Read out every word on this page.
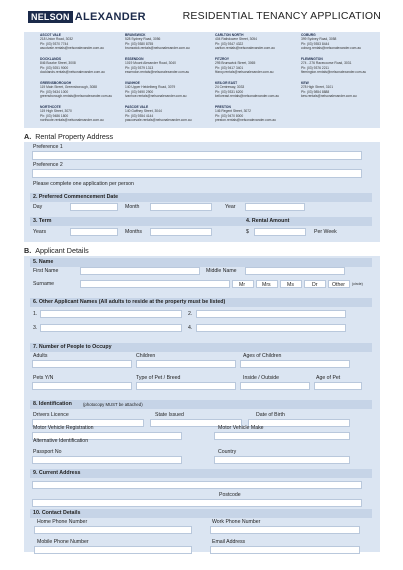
NELSON ALEXANDER	RESIDENTIAL TENANCY APPLICATION
ASCOT VALE
218 Union Road, 3032
Ph: (03) 9370 7744
ascotvale.rentals@nelsonalexander.com.au
BRUNSWICK
528 Sydney Road, 3056
Ph: (03) 9380 8755
brunswick.rentals@nelsonalexander.com.au
CARLTON NORTH
404 Rathdowne Street, 3054
Ph: (03) 9347 4322
carlton.rentals@nelsonalexander.com.au
COBURG
399 Sydney Road, 3058
Ph: (03) 9353 8444
coburg.rentals@nelsonalexander.com.au
DOCKLANDS
846 Bourke Street, 3008
Ph: (03) 9251 9000
docklands.rentals@nelsonalexander.com.au
ESSENDON
1019 Mount Alexander Road, 3040
Ph: (03) 9379 1313
essendon.rentals@nelsonalexander.com.au
FITZROY
295 Brunswick Street, 3065
Ph: (03) 9417 3401
fitzroy.rentals@nelsonalexander.com.au
FLEMINGTON
274 - 276 Racecourse Road, 3031
Ph: (03) 9376 2211
flemington.rentals@nelsonalexander.com.au
GREENSBOROUGH
119 Main Street, Greensborough, 3088
Ph: (03) 9434 1000
greensborough.rentals@nelsonalexander.com.au
IVANHOE
140 Upper Heidelberg Road, 3079
Ph: (03) 9490 2900
ivanhoe.rentals@nelsonalexander.com.au
KEILOR EAST
24 Centreway, 3033
Ph: (03) 9331 6200
keiloreast.rentals@nelsonalexander.com.au
KEW
278 High Street, 3101
Ph: (03) 9854 8888
kew.rentals@nelsonalexander.com.au
NORTHCOTE
119 High Street, 3070
Ph: (03) 9486 1800
northcote.rentals@nelsonalexander.com.au
PASCOE VALE
140 Gaffney Street, 3044
Ph: (03) 9354 4144
pascoevale.rentals@nelsonalexander.com.au
PRESTON
146 Regent Street, 3072
Ph: (03) 9470 8000
preston.rentals@nelsonalexander.com.au
A. Rental Property Address
Preference 1
Preference 2
Please complete one application per person
2. Preferred Commencement Date
Day	Month	Year
3. Term	4. Rental Amount
Years	Months	$	Per Week
B. Applicant Details
5. Name
First Name	Middle Name
Surname	Mr	Mrs	Ms	Dr	Other (circle)
6. Other Applicant Names (All adults to reside at the property must be listed)
1.	2.
3.	4.
7. Number of People to Occupy
Adults	Children	Ages of Children
Pets Y/N	Type of Pet / Breed	Inside / Outside	Age of Pet
8. Identification	(photocopy MUST be attached)
Drivers Licence	State Issued	Date of Birth
Motor Vehicle Registration	Motor Vehicle Make
Alternative Identification
Passport No	Country
9. Current Address
Postcode
10. Contact Details
Home Phone Number	Work Phone Number
Mobile Phone Number	Email Address
